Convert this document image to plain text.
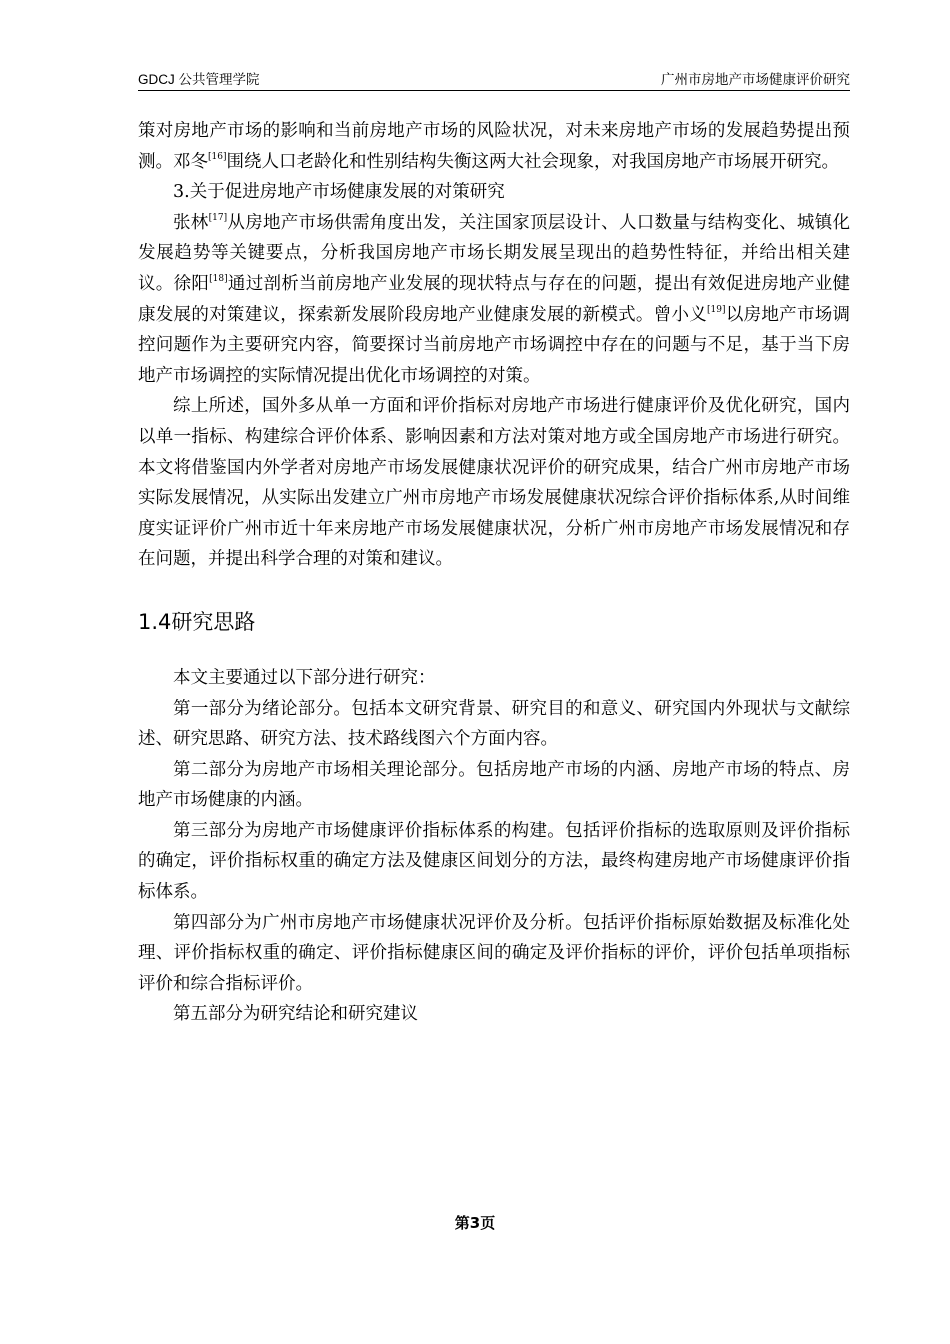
GDCJ 公共管理学院	广州市房地产市场健康评价研究

策对房地产市场的影响和当前房地产市场的风险状况，对未来房地产市场的发展趋势提出预测。邓冬[16]围绕人口老龄化和性别结构失衡这两大社会现象，对我国房地产市场展开研究。

3.关于促进房地产市场健康发展的对策研究

张林[17]从房地产市场供需角度出发，关注国家顶层设计、人口数量与结构变化、城镇化发展趋势等关键要点，分析我国房地产市场长期发展呈现出的趋势性特征，并给出相关建议。徐阳[18]通过剖析当前房地产业发展的现状特点与存在的问题，提出有效促进房地产业健康发展的对策建议，探索新发展阶段房地产业健康发展的新模式。曾小义[19]以房地产市场调控问题作为主要研究内容，简要探讨当前房地产市场调控中存在的问题与不足，基于当下房地产市场调控的实际情况提出优化市场调控的对策。

综上所述，国外多从单一方面和评价指标对房地产市场进行健康评价及优化研究，国内以单一指标、构建综合评价体系、影响因素和方法对策对地方或全国房地产市场进行研究。本文将借鉴国内外学者对房地产市场发展健康状况评价的研究成果，结合广州市房地产市场实际发展情况，从实际出发建立广州市房地产市场发展健康状况综合评价指标体系,从时间维度实证评价广州市近十年来房地产市场发展健康状况，分析广州市房地产市场发展情况和存在问题，并提出科学合理的对策和建议。

1.4研究思路

本文主要通过以下部分进行研究：

第一部分为绪论部分。包括本文研究背景、研究目的和意义、研究国内外现状与文献综述、研究思路、研究方法、技术路线图六个方面内容。

第二部分为房地产市场相关理论部分。包括房地产市场的内涵、房地产市场的特点、房地产市场健康的内涵。

第三部分为房地产市场健康评价指标体系的构建。包括评价指标的选取原则及评价指标的确定，评价指标权重的确定方法及健康区间划分的方法，最终构建房地产市场健康评价指标体系。

第四部分为广州市房地产市场健康状况评价及分析。包括评价指标原始数据及标准化处理、评价指标权重的确定、评价指标健康区间的确定及评价指标的评价，评价包括单项指标评价和综合指标评价。

第五部分为研究结论和研究建议

第3页
